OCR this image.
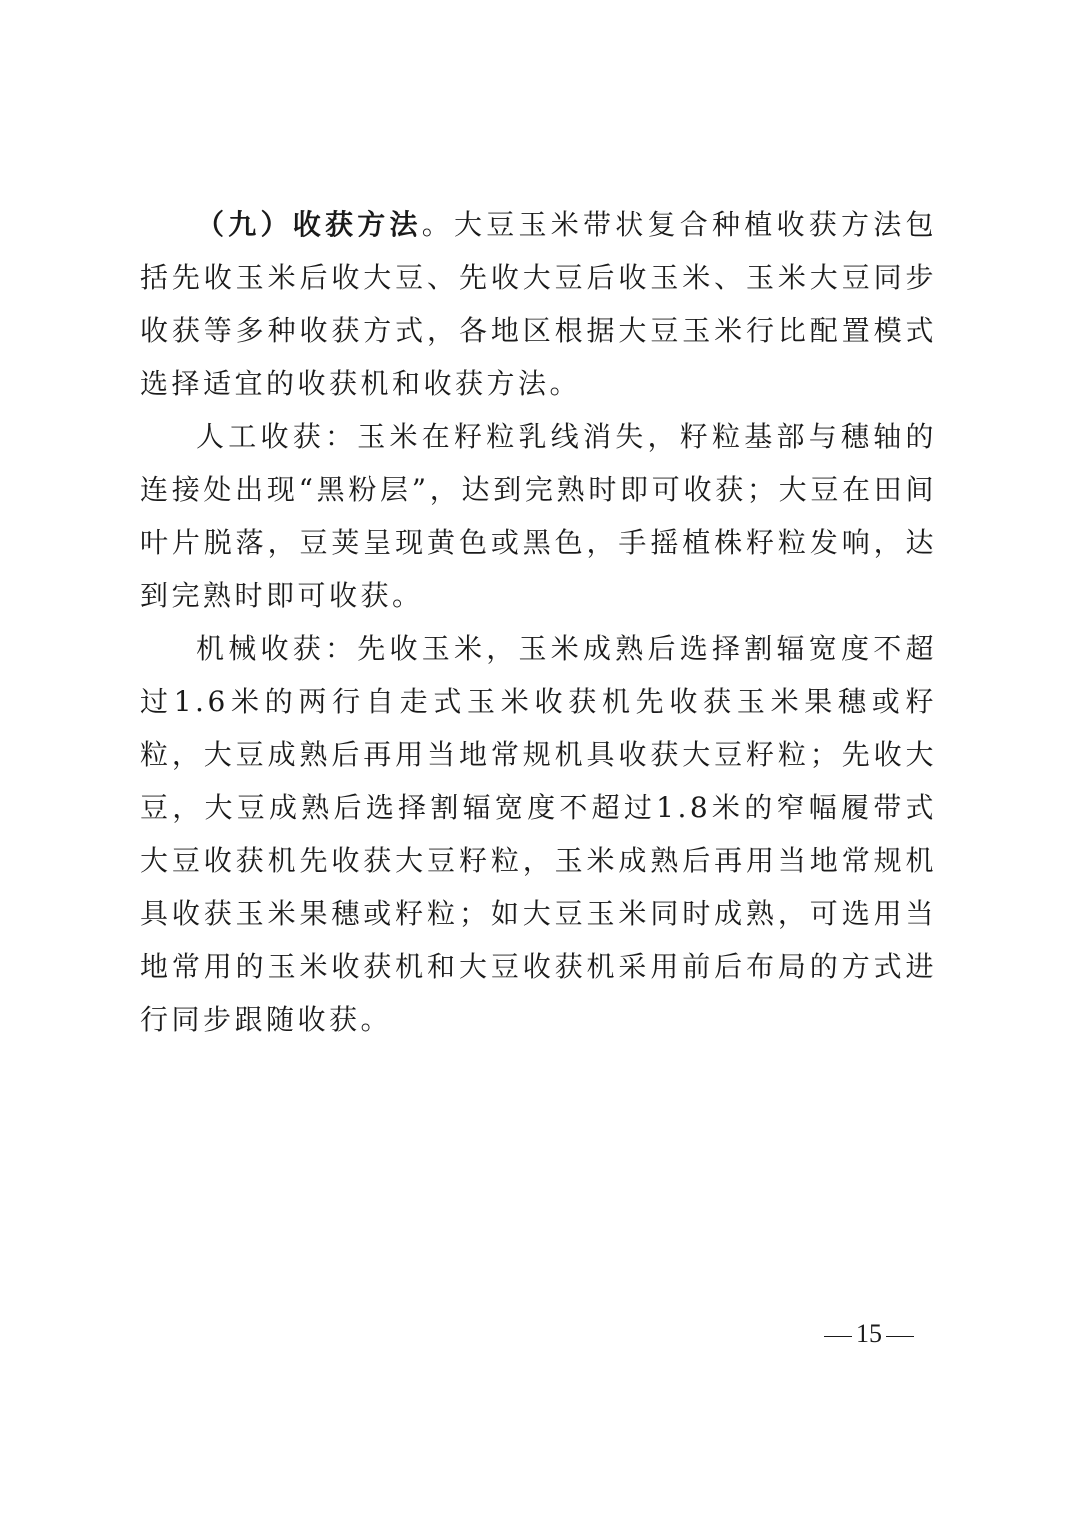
（九）收获方法。大豆玉米带状复合种植收获方法包括先收玉米后收大豆、先收大豆后收玉米、玉米大豆同步收获等多种收获方式，各地区根据大豆玉米行比配置模式选择适宜的收获机和收获方法。

人工收获：玉米在籽粒乳线消失，籽粒基部与穗轴的连接处出现“黑粉层”，达到完熟时即可收获；大豆在田间叶片脱落，豆荚呈现黄色或黑色，手摇植株籽粒发响，达到完熟时即可收获。

机械收获：先收玉米，玉米成熟后选择割辐宽度不超过1.6米的两行自走式玉米收获机先收获玉米果穗或籽粒，大豆成熟后再用当地常规机具收获大豆籽粒；先收大豆，大豆成熟后选择割辐宽度不超过1.8米的窄幅履带式大豆收获机先收获大豆籽粒，玉米成熟后再用当地常规机具收获玉米果穗或籽粒；如大豆玉米同时成熟，可选用当地常用的玉米收获机和大豆收获机采用前后布局的方式进行同步跟随收获。

15
